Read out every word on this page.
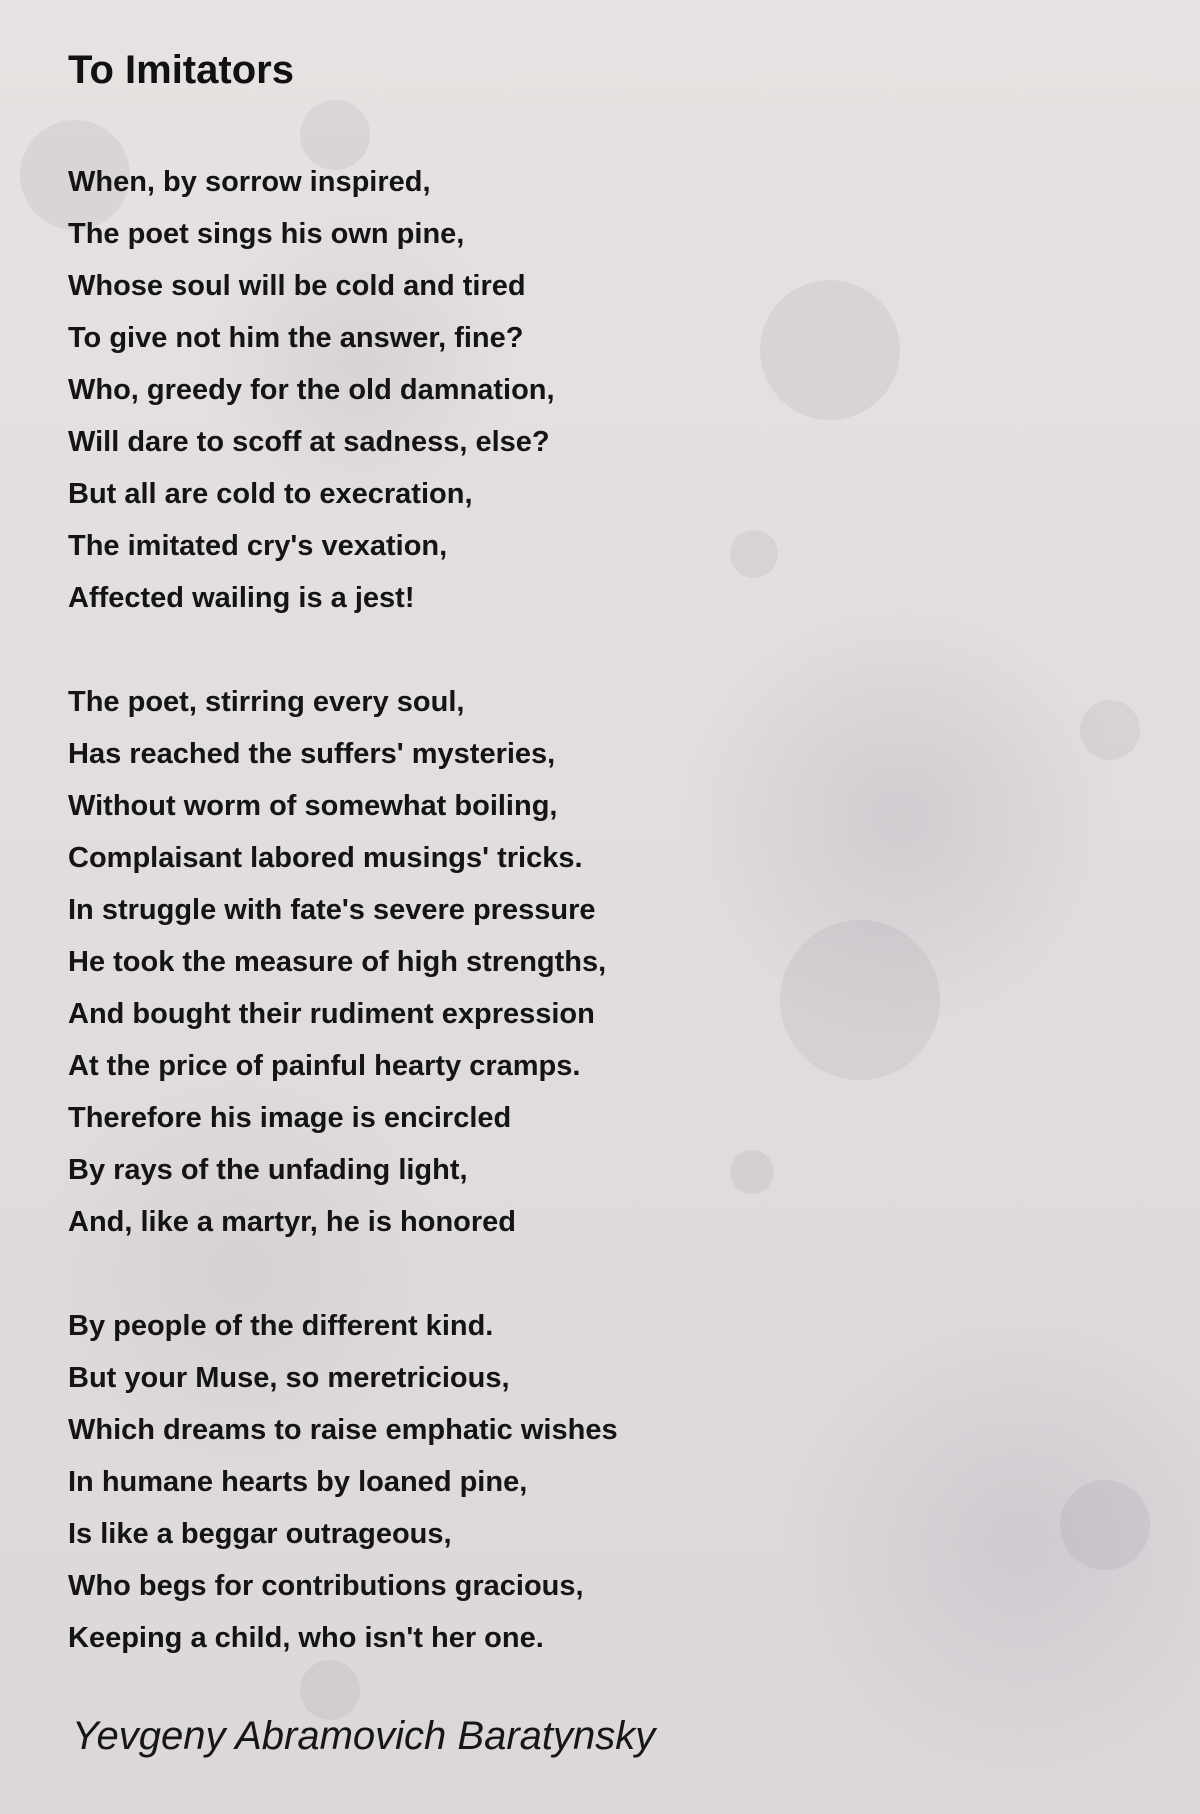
To Imitators
When, by sorrow inspired,
The poet sings his own pine,
Whose soul will be cold and tired
To give not him the answer, fine?
Who, greedy for the old damnation,
Will dare to scoff at sadness, else?
But all are cold to execration,
The imitated cry's vexation,
Affected wailing is a jest!
The poet, stirring every soul,
Has reached the suffers' mysteries,
Without worm of somewhat boiling,
Complaisant labored musings' tricks.
In struggle with fate's severe pressure
He took the measure of high strengths,
And bought their rudiment expression
At the price of painful hearty cramps.
Therefore his image is encircled
By rays of the unfading light,
And, like a martyr, he is honored
By people of the different kind.
But your Muse, so meretricious,
Which dreams to raise emphatic wishes
In humane hearts by loaned pine,
Is like a beggar outrageous,
Who begs for contributions gracious,
Keeping a child, who isn't her one.

Yevgeny Abramovich Baratynsky
